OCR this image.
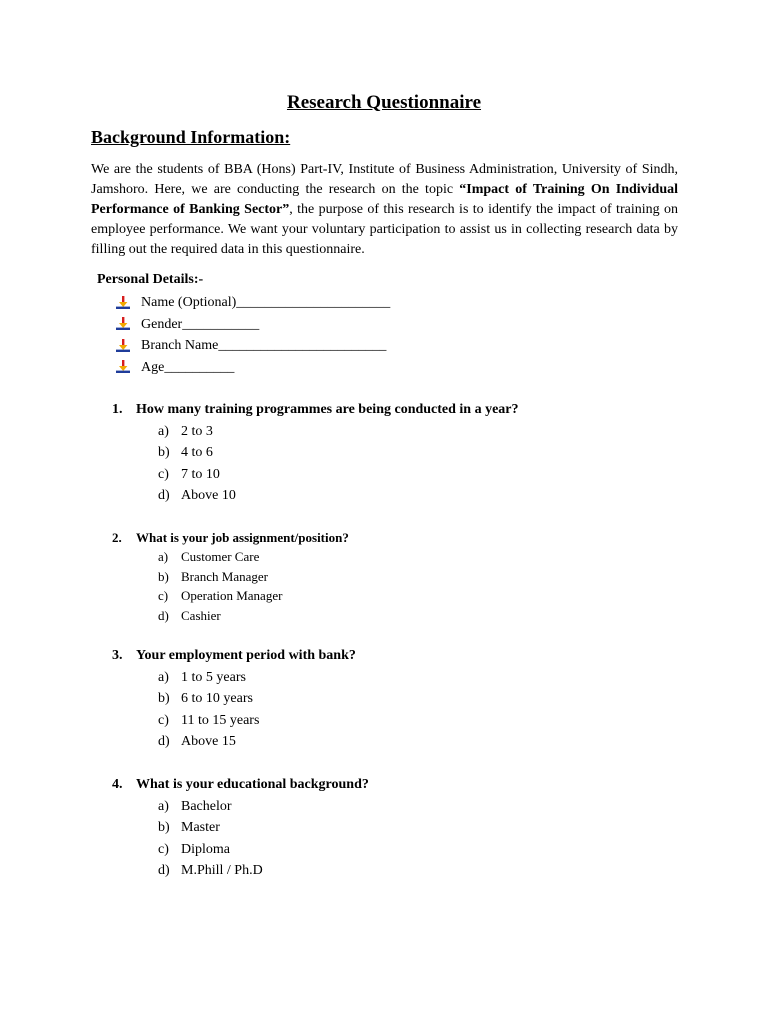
Research Questionnaire
Background Information:

We are the students of BBA (Hons) Part-IV, Institute of Business Administration, University of Sindh, Jamshoro. Here, we are conducting the research on the topic “Impact of Training On Individual Performance of Banking Sector”, the purpose of this research is to identify the impact of training on employee performance. We want your voluntary participation to assist us in collecting research data by filling out the required data in this questionnaire.

Personal Details:-
Name (Optional) ______________________
Gender ___________
Branch Name ________________________
Age __________
1. How many training programmes are being conducted in a year?
a) 2 to 3
b) 4 to 6
c) 7 to 10
d) Above 10
2.	What is your job assignment/position?
a) Customer Care
b) Branch Manager
c) Operation Manager
d) Cashier
3. Your employment period with bank?
a) 1 to 5 years
b) 6 to 10 years
c) 11 to 15 years
d) Above 15
4. What is your educational background?
a) Bachelor
b) Master
c) Diploma
d) M.Phill / Ph.D
